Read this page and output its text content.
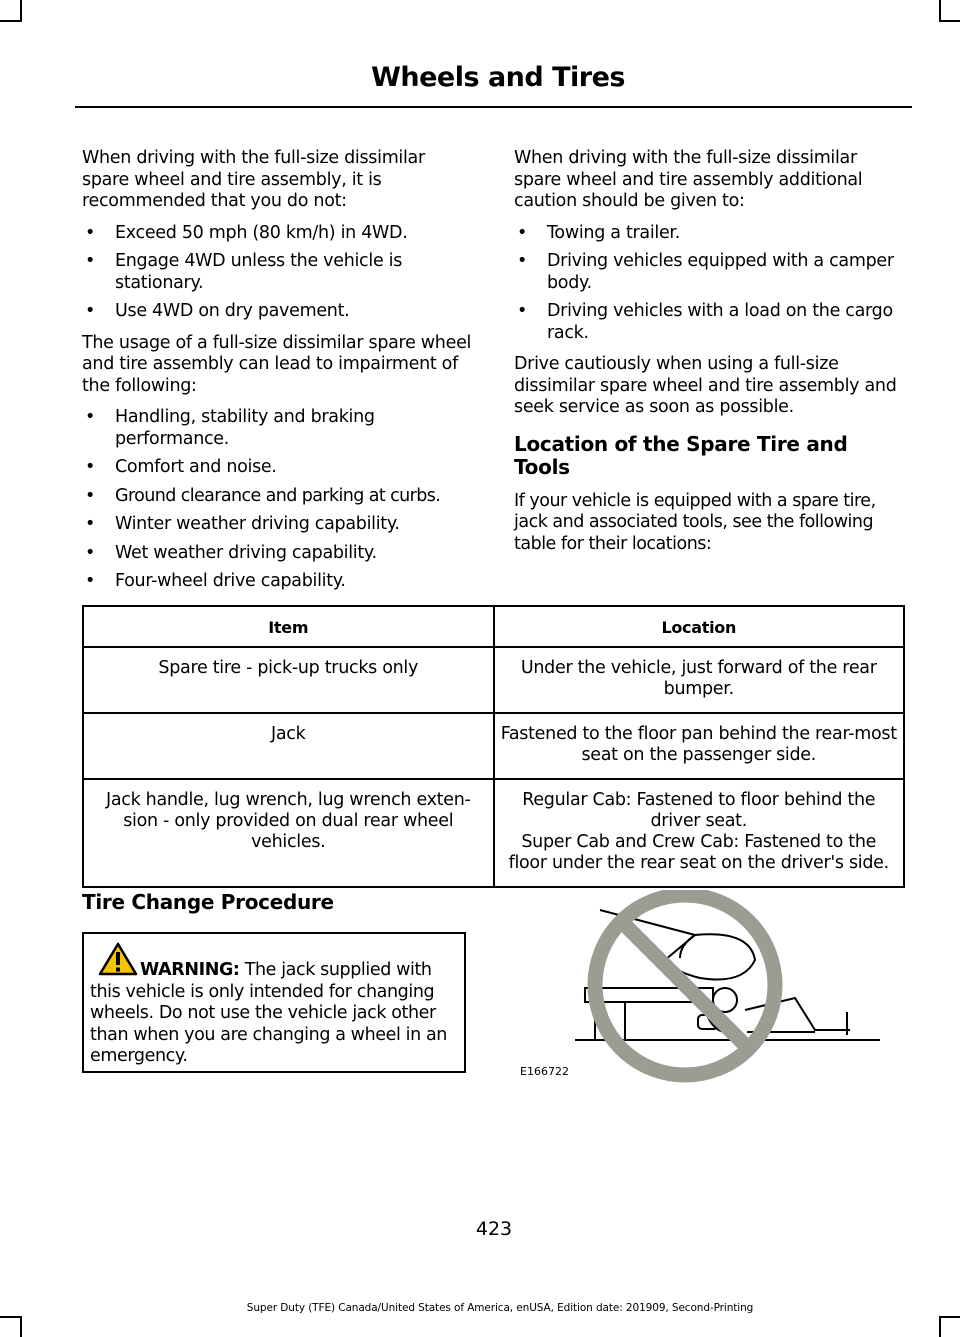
Wheels and Tires

When driving with the full-size dissimilar spare wheel and tire assembly, it is recommended that you do not:

• Exceed 50 mph (80 km/h) in 4WD.
• Engage 4WD unless the vehicle is stationary.
• Use 4WD on dry pavement.

The usage of a full-size dissimilar spare wheel and tire assembly can lead to impairment of the following:

• Handling, stability and braking performance.
• Comfort and noise.
• Ground clearance and parking at curbs.
• Winter weather driving capability.
• Wet weather driving capability.
• Four-wheel drive capability.

When driving with the full-size dissimilar spare wheel and tire assembly additional caution should be given to:

• Towing a trailer.
• Driving vehicles equipped with a camper body.
• Driving vehicles with a load on the cargo rack.

Drive cautiously when using a full-size dissimilar spare wheel and tire assembly and seek service as soon as possible.

Location of the Spare Tire and Tools

If your vehicle is equipped with a spare tire, jack and associated tools, see the following table for their locations:

Item	Location
Spare tire - pick-up trucks only	Under the vehicle, just forward of the rear bumper.
Jack	Fastened to the floor pan behind the rear-most seat on the passenger side.
Jack handle, lug wrench, lug wrench exten-sion - only provided on dual rear wheel vehicles.	Regular Cab: Fastened to floor behind the driver seat.
Super Cab and Crew Cab: Fastened to the floor under the rear seat on the driver's side.
Tire Change Procedure
WARNING: The jack supplied with this vehicle is only intended for changing wheels. Do not use the vehicle jack other than when you are changing a wheel in an emergency.
E166722
423
Super Duty (TFE) Canada/United States of America, enUSA, Edition date: 201909, Second-Printing
